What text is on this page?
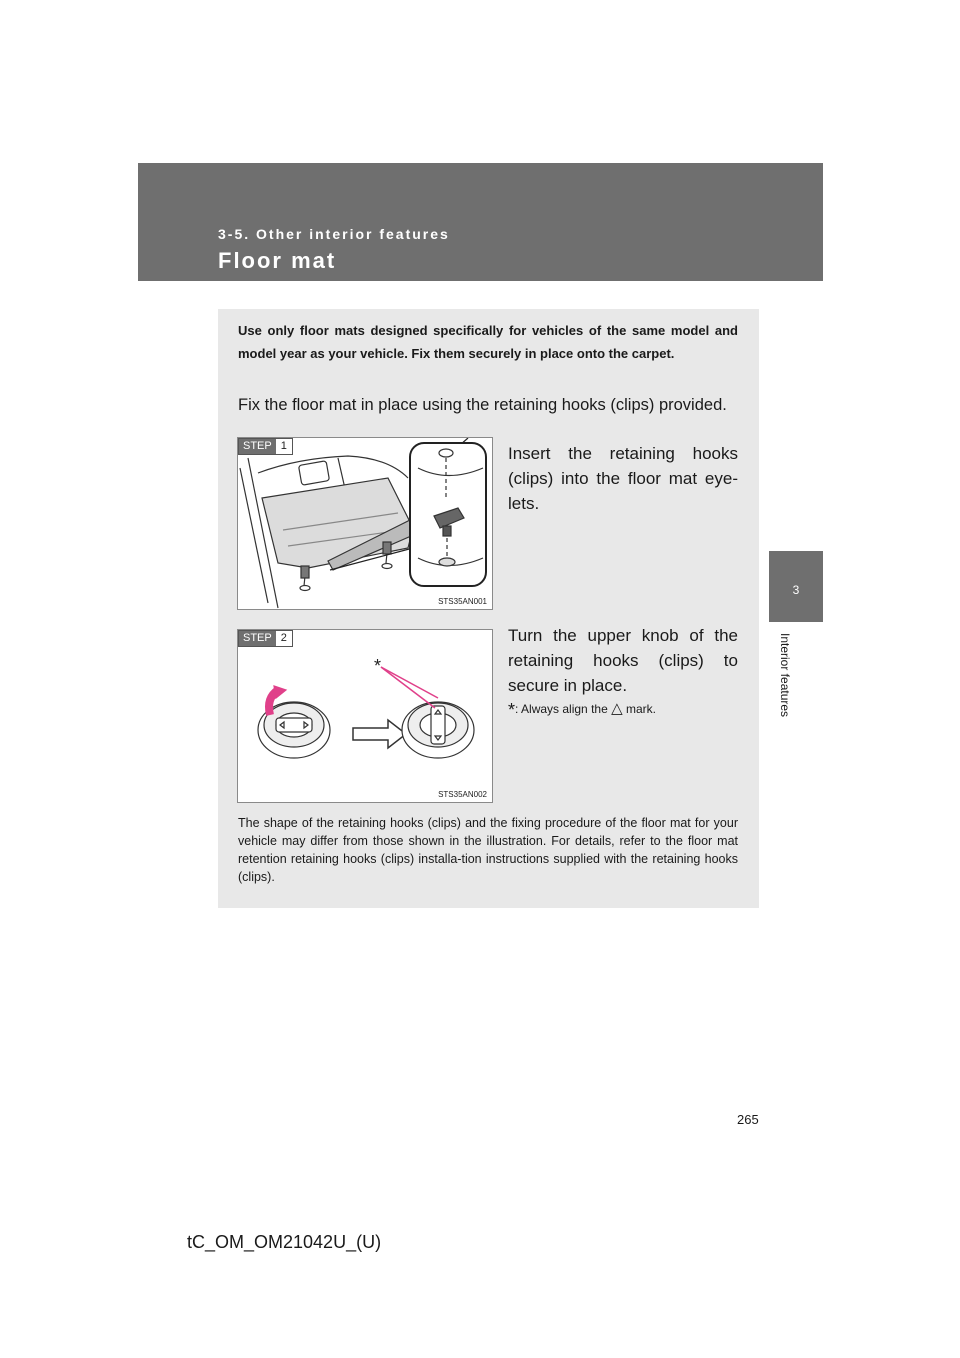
3-5. Other interior features
Floor mat
3
Interior features
Use only floor mats designed specifically for vehicles of the same model and model year as your vehicle. Fix them securely in place onto the carpet.
Fix the floor mat in place using the retaining hooks (clips) provided.
STEP 1
STS35AN001
Insert the retaining hooks (clips) into the floor mat eye-lets.
*
STEP 2
STS35AN002
Turn the upper knob of the retaining hooks (clips) to secure in place.
*: Always align the △ mark.
The shape of the retaining hooks (clips) and the fixing procedure of the floor mat for your vehicle may differ from those shown in the illustration. For details, refer to the floor mat retention retaining hooks (clips) installa-tion instructions supplied with the retaining hooks (clips).
265
tC_OM_OM21042U_(U)
